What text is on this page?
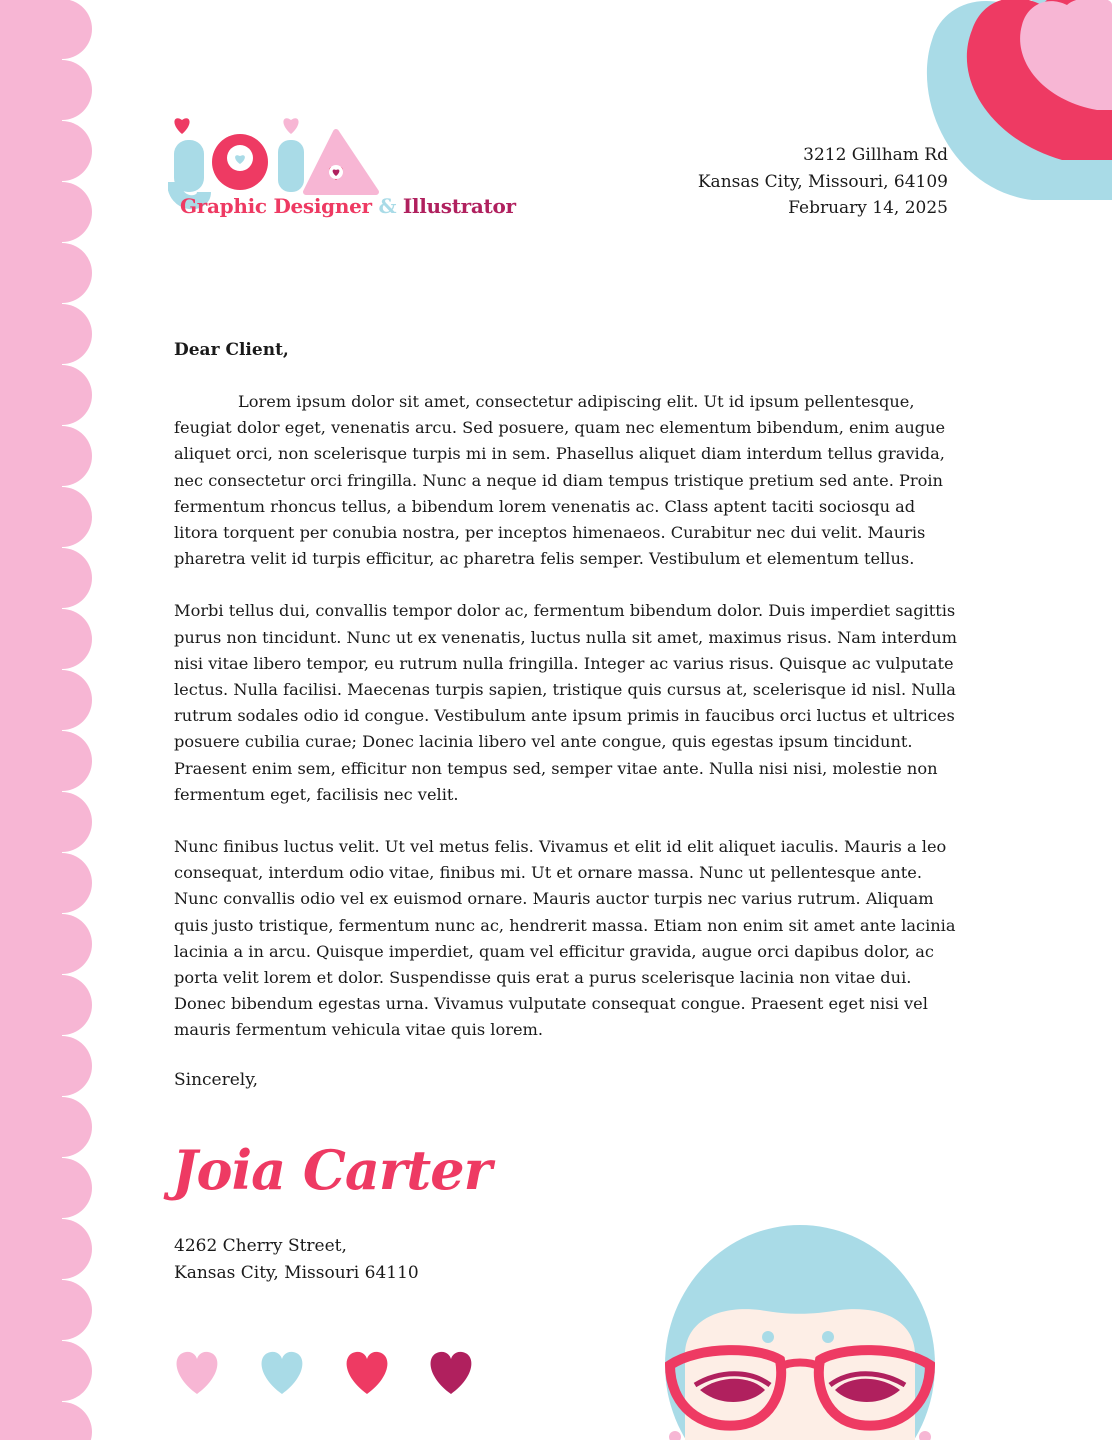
Graphic Designer & Illustrator
3212 Gillham Rd
Kansas City, Missouri, 64109
February 14, 2025

Dear Client,

Lorem ipsum dolor sit amet, consectetur adipiscing elit. Ut id ipsum pellentesque, feugiat dolor eget, venenatis arcu. Sed posuere, quam nec elementum bibendum, enim augue aliquet orci, non scelerisque turpis mi in sem. Phasellus aliquet diam interdum tellus gravida, nec consectetur orci fringilla. Nunc a neque id diam tempus tristique pretium sed ante. Proin fermentum rhoncus tellus, a bibendum lorem venenatis ac. Class aptent taciti sociosqu ad litora torquent per conubia nostra, per inceptos himenaeos. Curabitur nec dui velit. Mauris pharetra velit id turpis efficitur, ac pharetra felis semper. Vestibulum et elementum tellus.

Morbi tellus dui, convallis tempor dolor ac, fermentum bibendum dolor. Duis imperdiet sagittis purus non tincidunt. Nunc ut ex venenatis, luctus nulla sit amet, maximus risus. Nam interdum nisi vitae libero tempor, eu rutrum nulla fringilla. Integer ac varius risus. Quisque ac vulputate lectus. Nulla facilisi. Maecenas turpis sapien, tristique quis cursus at, scelerisque id nisl. Nulla rutrum sodales odio id congue. Vestibulum ante ipsum primis in faucibus orci luctus et ultrices posuere cubilia curae; Donec lacinia libero vel ante congue, quis egestas ipsum tincidunt. Praesent enim sem, efficitur non tempus sed, semper vitae ante. Nulla nisi nisi, molestie non fermentum eget, facilisis nec velit.

Nunc finibus luctus velit. Ut vel metus felis. Vivamus et elit id elit aliquet iaculis. Mauris a leo consequat, interdum odio vitae, finibus mi. Ut et ornare massa. Nunc ut pellentesque ante. Nunc convallis odio vel ex euismod ornare. Mauris auctor turpis nec varius rutrum. Aliquam quis justo tristique, fermentum nunc ac, hendrerit massa. Etiam non enim sit amet ante lacinia lacinia a in arcu. Quisque imperdiet, quam vel efficitur gravida, augue orci dapibus dolor, ac porta velit lorem et dolor. Suspendisse quis erat a purus scelerisque lacinia non vitae dui. Donec bibendum egestas urna. Vivamus vulputate consequat congue. Praesent eget nisi vel mauris fermentum vehicula vitae quis lorem.

Sincerely,

Joia Carter
4262 Cherry Street,
Kansas City, Missouri 64110
